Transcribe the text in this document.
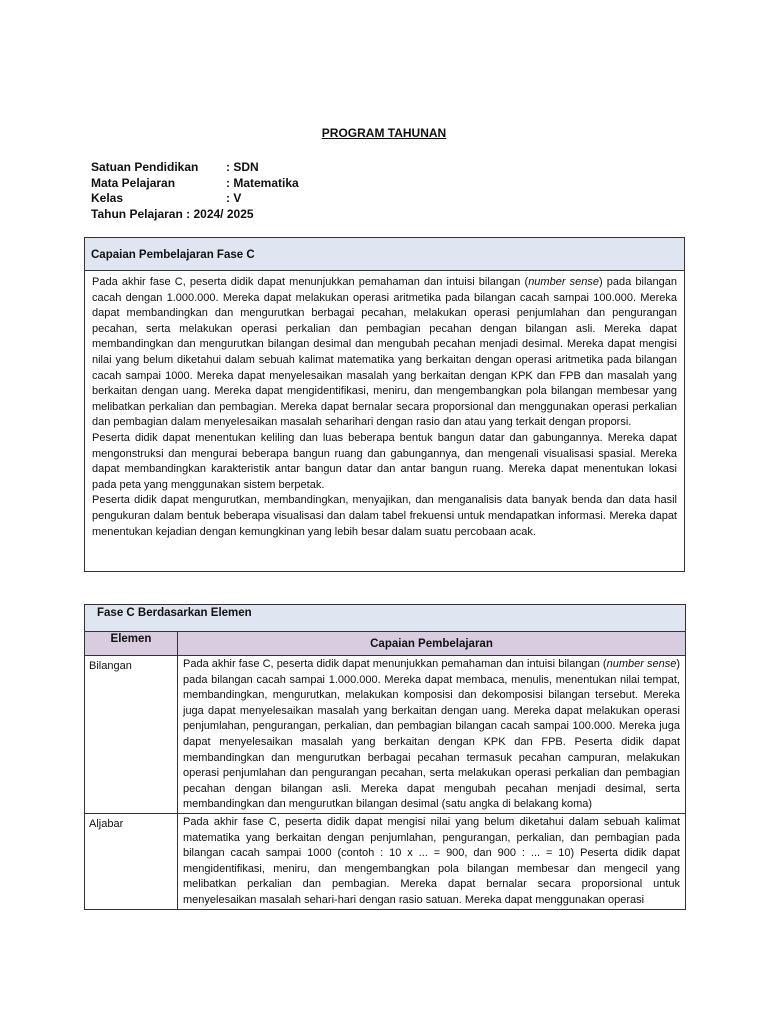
PROGRAM TAHUNAN
Satuan Pendidikan : SDN
Mata Pelajaran	: Matematika
Kelas	: V
Tahun Pelajaran : 2024/ 2025
Capaian Pembelajaran Fase C

Pada akhir fase C, peserta didik dapat menunjukkan pemahaman dan intuisi bilangan (number sense) pada bilangan cacah dengan 1.000.000. Mereka dapat melakukan operasi aritmetika pada bilangan cacah sampai 100.000. Mereka dapat membandingkan dan mengurutkan berbagai pecahan, melakukan operasi penjumlahan dan pengurangan pecahan, serta melakukan operasi perkalian dan pembagian pecahan dengan bilangan asli. Mereka dapat membandingkan dan mengurutkan bilangan desimal dan mengubah pecahan menjadi desimal. Mereka dapat mengisi nilai yang belum diketahui dalam sebuah kalimat matematika yang berkaitan dengan operasi aritmetika pada bilangan cacah sampai 1000. Mereka dapat menyelesaikan masalah yang berkaitan dengan KPK dan FPB dan masalah yang berkaitan dengan uang. Mereka dapat mengidentifikasi, meniru, dan mengembangkan pola bilangan membesar yang melibatkan perkalian dan pembagian. Mereka dapat bernalar secara proporsional dan menggunakan operasi perkalian dan pembagian dalam menyelesaikan masalah sehariharі dengan rasio dan atau yang terkait dengan proporsi.

Peserta didik dapat menentukan keliling dan luas beberapa bentuk bangun datar dan gabungannya. Mereka dapat mengonstruksi dan mengurai beberapa bangun ruang dan gabungannya, dan mengenali visualisasi spasial. Mereka dapat membandingkan karakteristik antar bangun datar dan antar bangun ruang. Mereka dapat menentukan lokasi pada peta yang menggunakan sistem berpetak.

Peserta didik dapat mengurutkan, membandingkan, menyajikan, dan menganalisis data banyak benda dan data hasil pengukuran dalam bentuk beberapa visualisasi dan dalam tabel frekuensi untuk mendapatkan informasi. Mereka dapat menentukan kejadian dengan kemungkinan yang lebih besar dalam suatu percobaan acak.

Fase C Berdasarkan Elemen	
Elemen	Capaian Pembelajaran
Bilangan	Pada akhir fase C, peserta didik dapat menunjukkan pemahaman dan intuisi bilangan (number sense) pada bilangan cacah sampai 1.000.000. Mereka dapat membaca, menulis, menentukan nilai tempat, membandingkan, mengurutkan, melakukan komposisi dan dekomposisi bilangan tersebut. Mereka juga dapat menyelesaikan masalah yang berkaitan dengan uang. Mereka dapat melakukan operasi penjumlahan, pengurangan, perkalian, dan pembagian bilangan cacah sampai 100.000. Mereka juga dapat menyelesaikan masalah yang berkaitan dengan KPK dan FPB. Peserta didik dapat membandingkan dan mengurutkan berbagai pecahan termasuk pecahan campuran, melakukan operasi penjumlahan dan pengurangan pecahan, serta melakukan operasi perkalian dan pembagian pecahan dengan bilangan asli. Mereka dapat mengubah pecahan menjadi desimal, serta membandingkan dan mengurutkan bilangan desimal (satu angka di belakang koma)
Aljabar	Pada akhir fase C, peserta didik dapat mengisi nilai yang belum diketahui dalam sebuah kalimat matematika yang berkaitan dengan penjumlahan, pengurangan, perkalian, dan pembagian pada bilangan cacah sampai 1000 (contoh : 10 x ... = 900, dan 900 : ... = 10) Peserta didik dapat mengidentifikasi, meniru, dan mengembangkan pola bilangan membesar dan mengecil yang melibatkan perkalian dan pembagian. Mereka dapat bernalar secara proporsional untuk menyelesaikan masalah sehari-hari dengan rasio satuan. Mereka dapat menggunakan operasi
